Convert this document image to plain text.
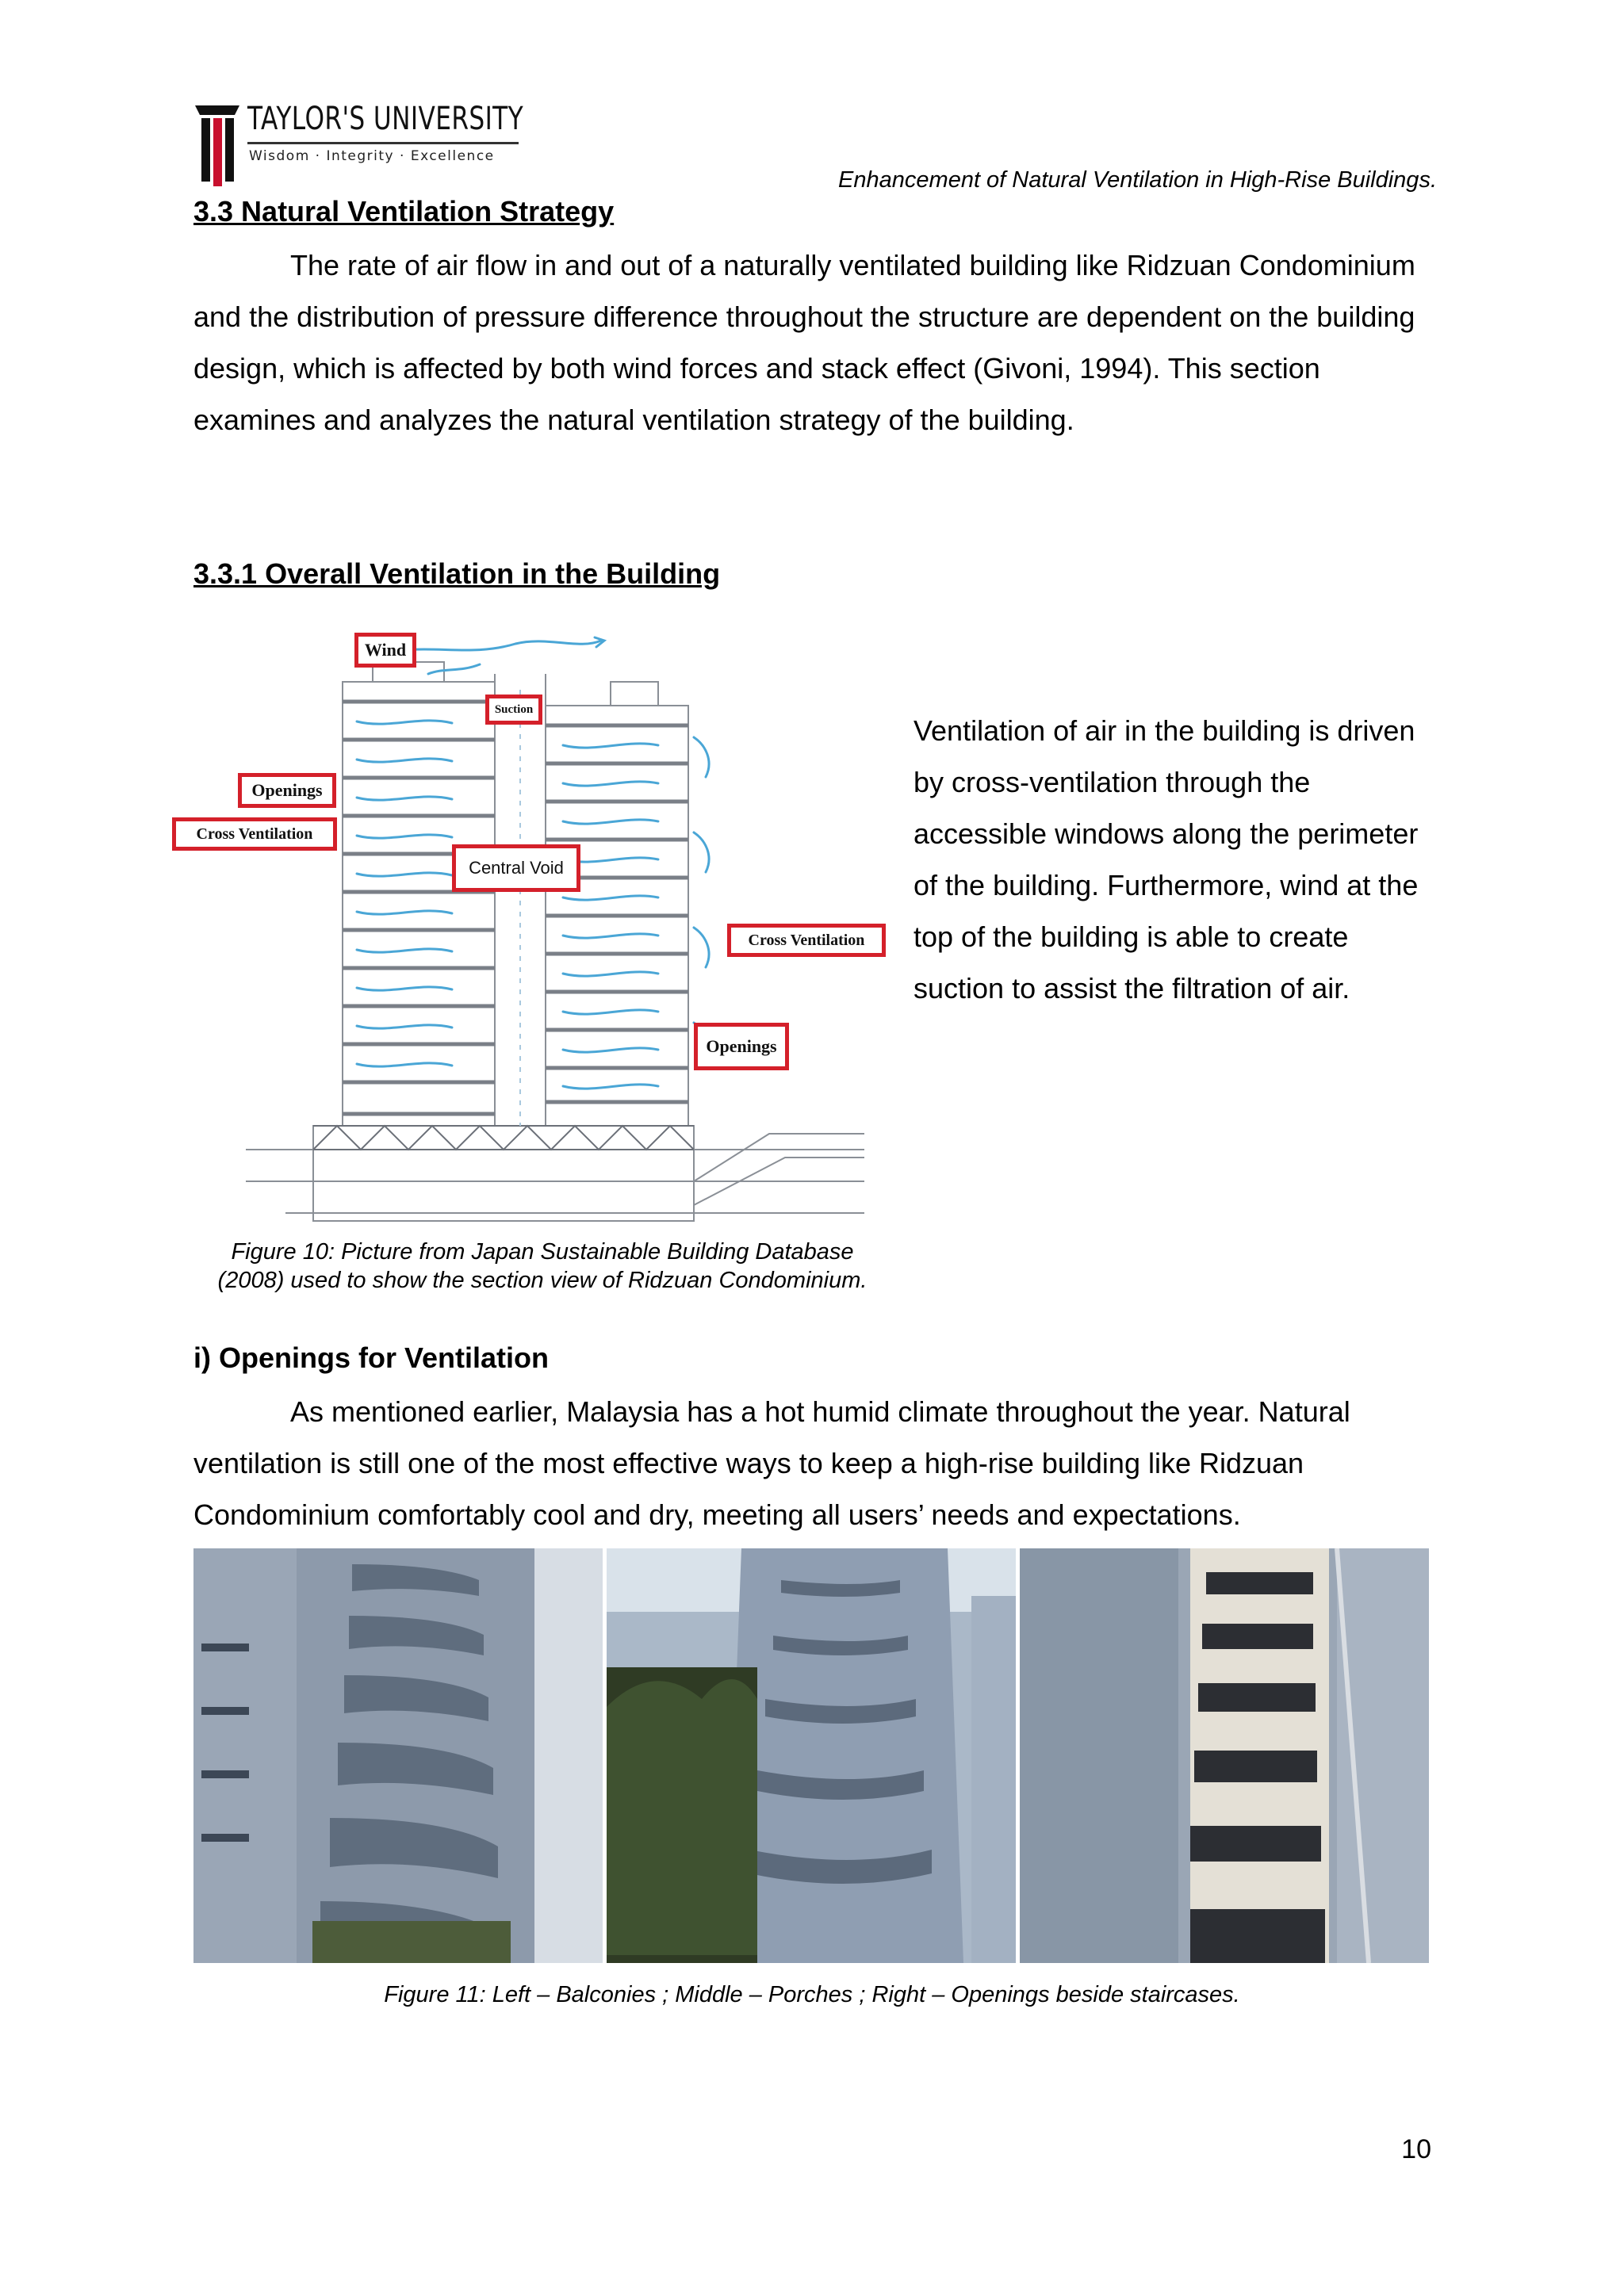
TAYLOR'S UNIVERSITY
Wisdom · Integrity · Excellence
Enhancement of Natural Ventilation in High-Rise Buildings.
3.3 Natural Ventilation Strategy

The rate of air flow in and out of a naturally ventilated building like Ridzuan Condominium and the distribution of pressure difference throughout the structure are dependent on the building design, which is affected by both wind forces and stack effect (Givoni, 1994). This section examines and analyzes the natural ventilation strategy of the building.

3.3.1 Overall Ventilation in the Building
Wind
Suction
Openings
Cross Ventilation
Central Void
Cross Ventilation
Openings

Ventilation of air in the building is driven by cross-ventilation through the accessible windows along the perimeter of the building. Furthermore, wind at the top of the building is able to create suction to assist the filtration of air.

Figure 10: Picture from Japan Sustainable Building Database

(2008) used to show the section view of Ridzuan Condominium.

i) Openings for Ventilation

As mentioned earlier, Malaysia has a hot humid climate throughout the year. Natural ventilation is still one of the most effective ways to keep a high-rise building like Ridzuan Condominium comfortably cool and dry, meeting all users’ needs and expectations.

Figure 11: Left – Balconies ; Middle – Porches ; Right – Openings beside staircases.

10
